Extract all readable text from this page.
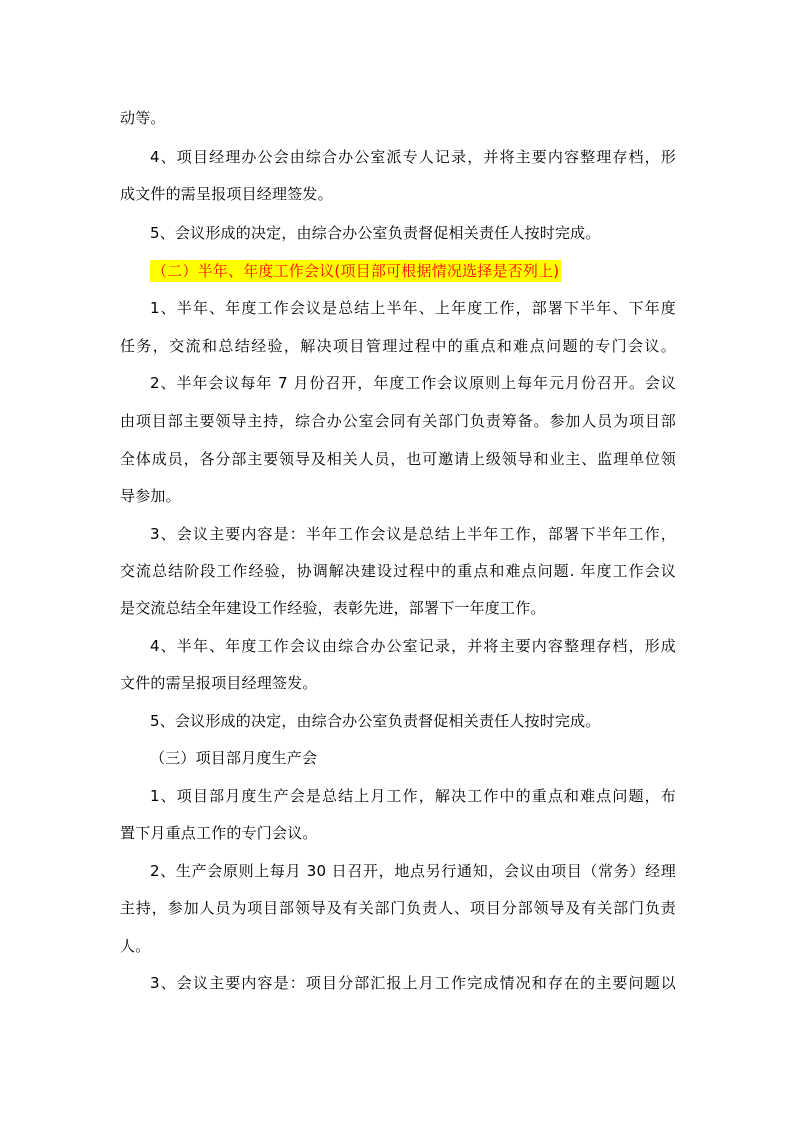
动等。
4、项目经理办公会由综合办公室派专人记录，并将主要内容整理存档，形
成文件的需呈报项目经理签发。
5、会议形成的决定，由综合办公室负责督促相关责任人按时完成。
（二）半年、年度工作会议(项目部可根据情况选择是否列上)
1、半年、年度工作会议是总结上半年、上年度工作，部署下半年、下年度
任务，交流和总结经验，解决项目管理过程中的重点和难点问题的专门会议。
2、半年会议每年 7 月份召开，年度工作会议原则上每年元月份召开。会议
由项目部主要领导主持，综合办公室会同有关部门负责筹备。参加人员为项目部
全体成员，各分部主要领导及相关人员，也可邀请上级领导和业主、监理单位领
导参加。
3、会议主要内容是：半年工作会议是总结上半年工作，部署下半年工作，
交流总结阶段工作经验，协调解决建设过程中的重点和难点问题. 年度工作会议
是交流总结全年建设工作经验，表彰先进，部署下一年度工作。
4、半年、年度工作会议由综合办公室记录，并将主要内容整理存档，形成
文件的需呈报项目经理签发。
5、会议形成的决定，由综合办公室负责督促相关责任人按时完成。
（三）项目部月度生产会
1、项目部月度生产会是总结上月工作，解决工作中的重点和难点问题，布
置下月重点工作的专门会议。
2、生产会原则上每月 30 日召开，地点另行通知，会议由项目（常务）经理
主持，参加人员为项目部领导及有关部门负责人、项目分部领导及有关部门负责
人。
3、会议主要内容是：项目分部汇报上月工作完成情况和存在的主要问题以
